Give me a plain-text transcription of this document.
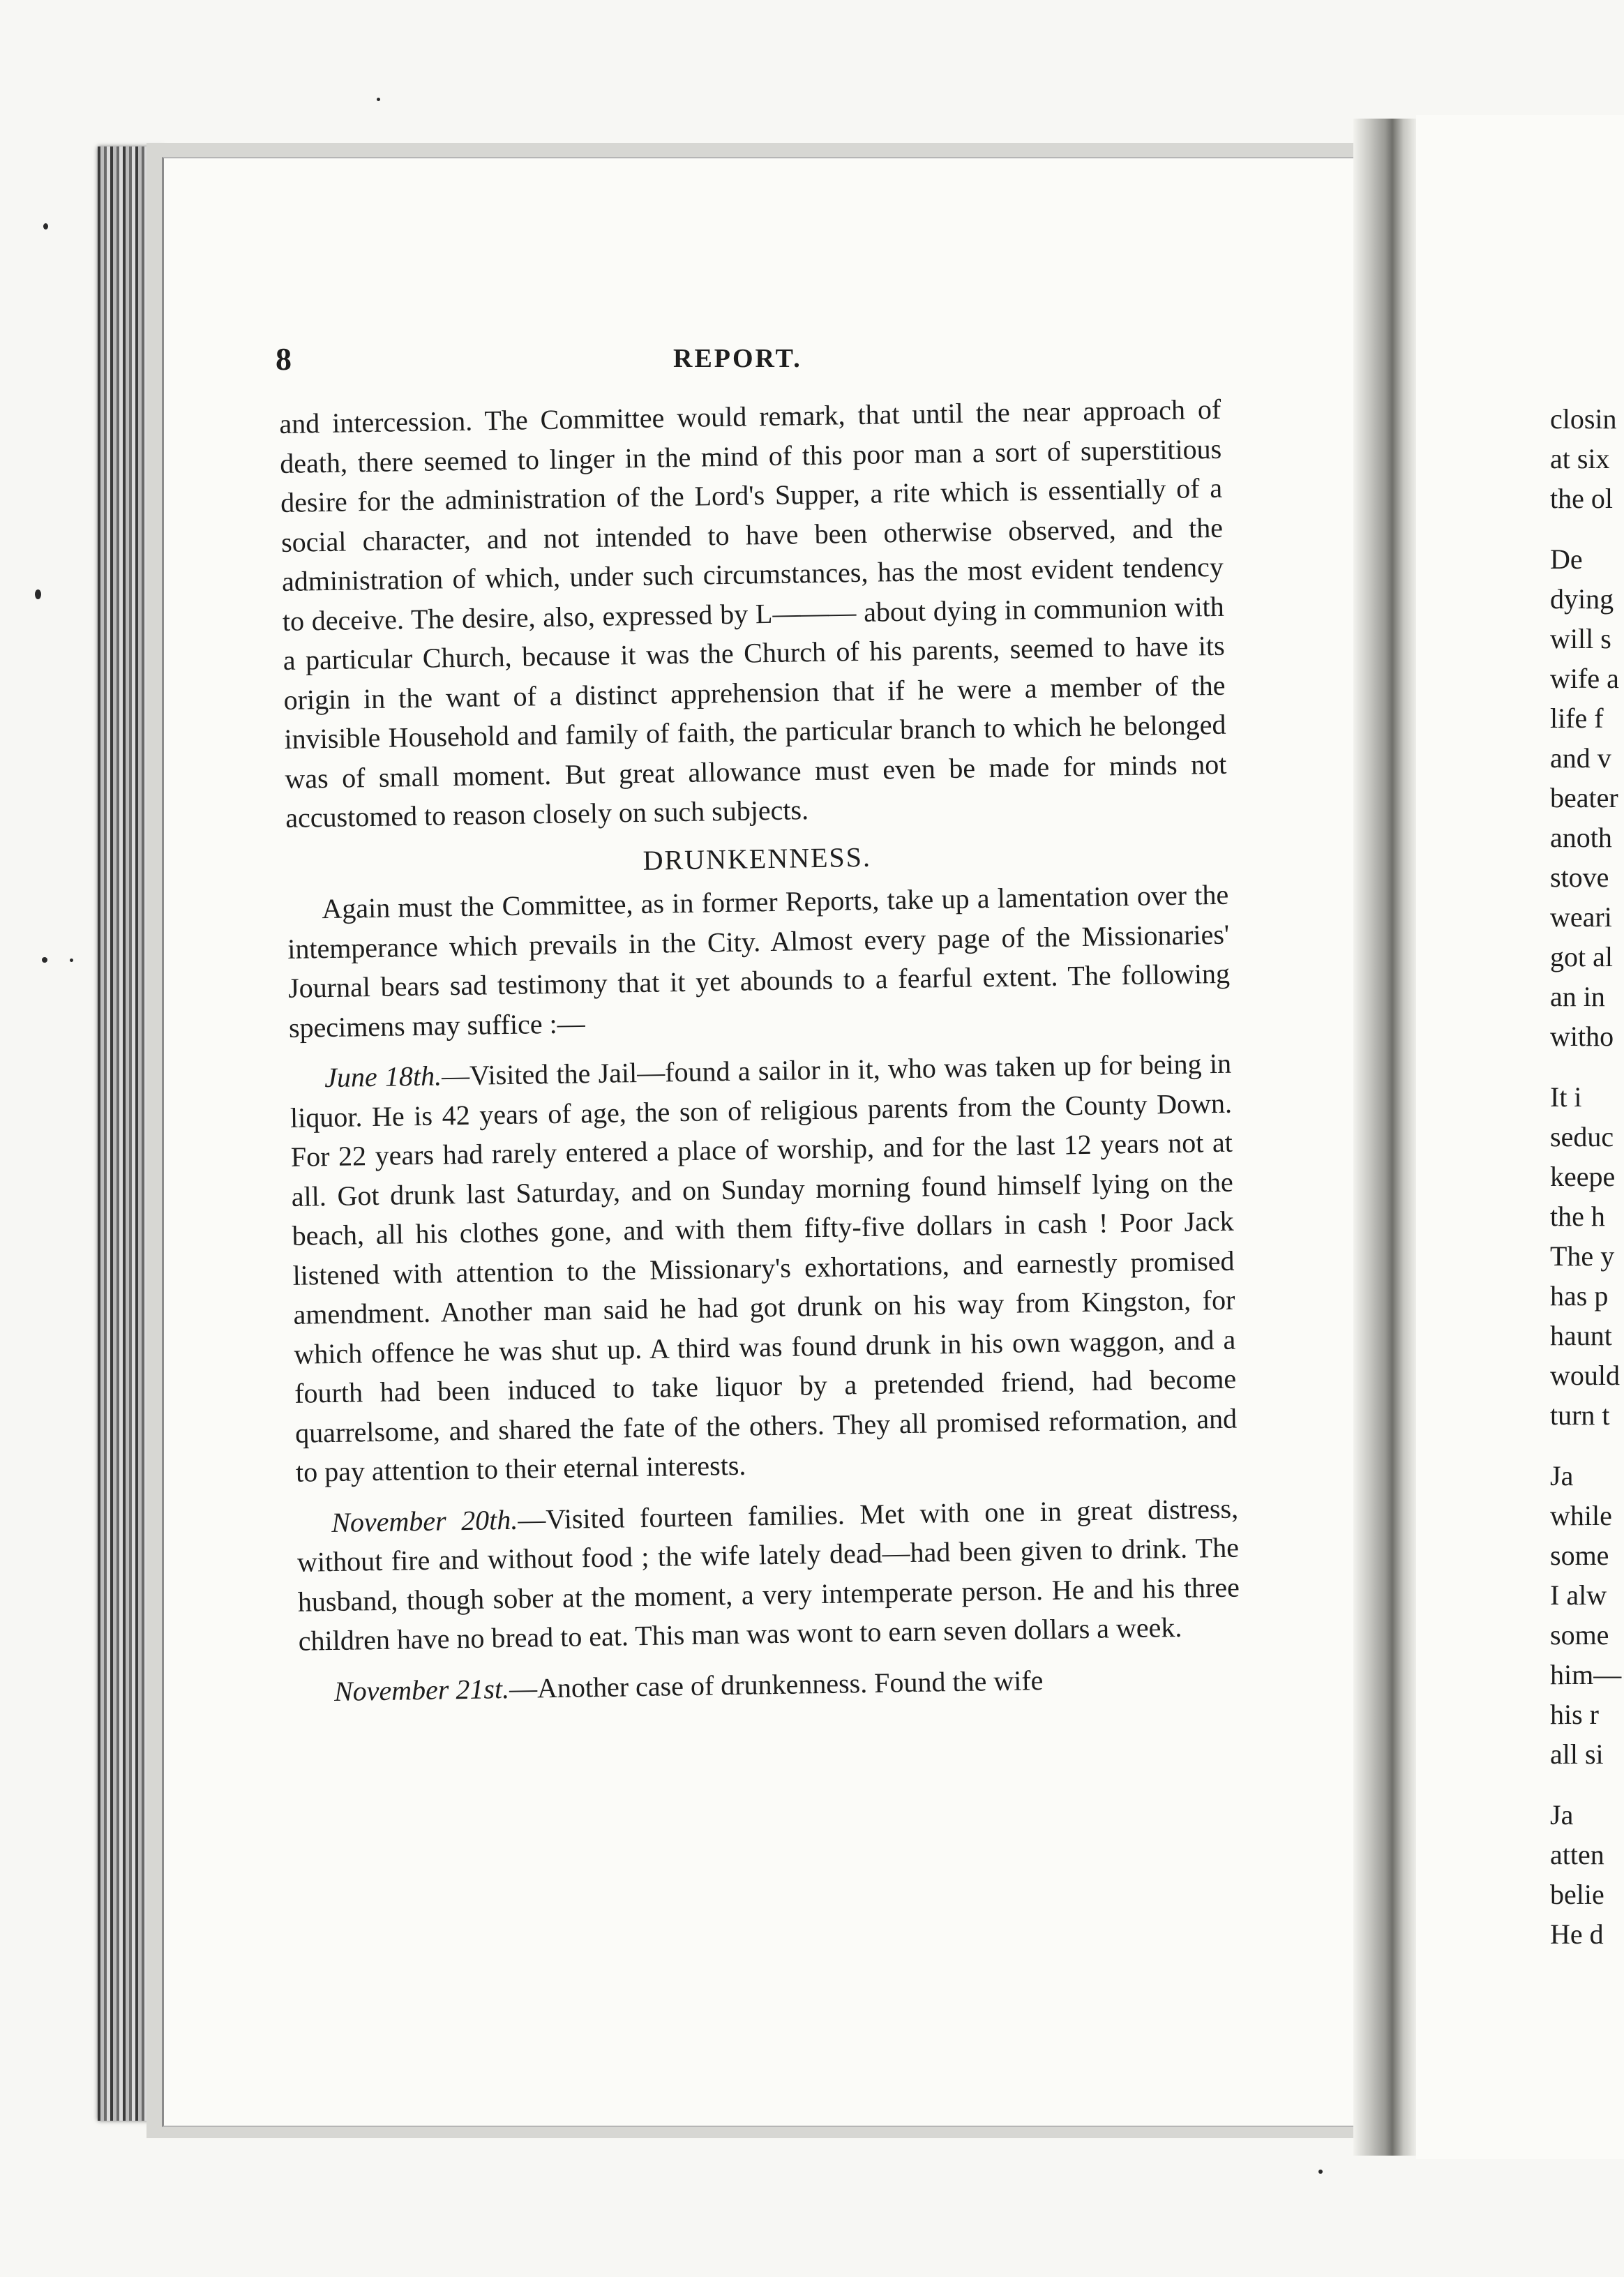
8	REPORT.

and intercession. The Committee would remark, that until the near approach of death, there seemed to linger in the mind of this poor man a sort of superstitious desire for the administration of the Lord's Supper, a rite which is essentially of a social character, and not intended to have been otherwise observed, and the administration of which, under such circumstances, has the most evident tendency to deceive. The desire, also, expressed by L——— about dying in communion with a particular Church, because it was the Church of his parents, seemed to have its origin in the want of a distinct apprehension that if he were a member of the invisible Household and family of faith, the particular branch to which he belonged was of small moment. But great allowance must even be made for minds not accustomed to reason closely on such subjects.

DRUNKENNESS.

Again must the Committee, as in former Reports, take up a lamentation over the intemperance which prevails in the City. Almost every page of the Missionaries' Journal bears sad testimony that it yet abounds to a fearful extent. The following specimens may suffice :—

June 18th.—Visited the Jail—found a sailor in it, who was taken up for being in liquor. He is 42 years of age, the son of religious parents from the County Down. For 22 years had rarely entered a place of worship, and for the last 12 years not at all. Got drunk last Saturday, and on Sunday morning found himself lying on the beach, all his clothes gone, and with them fifty-five dollars in cash ! Poor Jack listened with attention to the Missionary's exhortations, and earnestly promised amendment. Another man said he had got drunk on his way from Kingston, for which offence he was shut up. A third was found drunk in his own waggon, and a fourth had been induced to take liquor by a pretended friend, had become quarrelsome, and shared the fate of the others. They all promised reformation, and to pay attention to their eternal interests.

November 20th.—Visited fourteen families. Met with one in great distress, without fire and without food ; the wife lately dead—had been given to drink. The husband, though sober at the moment, a very intemperate person. He and his three children have no bread to eat. This man was wont to earn seven dollars a week.

November 21st.—Another case of drunkenness. Found the wife

closin
at six
the ol
De
dying
will s
wife a
life f
and v
beater
anoth
stove
weari
got al
an in
witho
It i
seduc
keepe
the h
The y
has p
haunt
would
turn t
Ja
while
some
I alw
some
him—
his r
all si
Ja
atten
belie
He d
